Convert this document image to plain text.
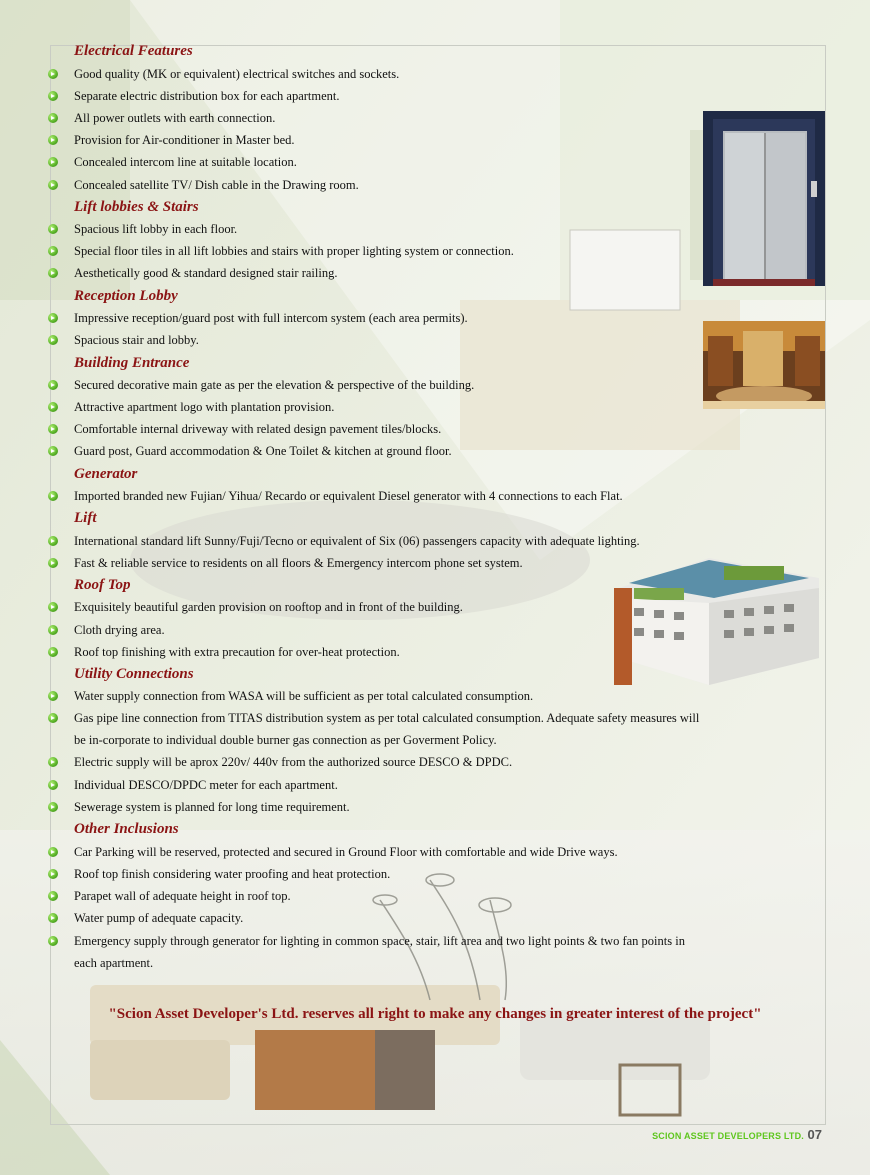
Electrical Features
Good quality (MK or equivalent) electrical switches and sockets.
Separate electric distribution box for each apartment.
All power outlets with earth connection.
Provision for Air-conditioner in Master bed.
Concealed intercom line at suitable location.
Concealed satellite TV/ Dish cable in the Drawing room.
Lift lobbies & Stairs
Spacious lift lobby in each floor.
Special floor tiles in all lift lobbies and stairs with proper lighting system or connection.
Aesthetically good & standard designed stair railing.
Reception Lobby
Impressive reception/guard post with full intercom system (each area permits).
Spacious stair and lobby.
Building Entrance
Secured decorative main gate as per the elevation & perspective of the building.
Attractive apartment logo with plantation provision.
Comfortable internal driveway with related design pavement tiles/blocks.
Guard post, Guard accommodation & One Toilet & kitchen at ground floor.
Generator
Imported branded new Fujian/ Yihua/ Recardo or equivalent Diesel generator with 4 connections to each Flat.
Lift
International standard lift Sunny/Fuji/Tecno or equivalent of Six (06) passengers capacity with adequate lighting.
Fast & reliable service to residents on all floors & Emergency intercom phone set system.
Roof Top
Exquisitely beautiful garden provision on rooftop and in front of the building.
Cloth drying area.
Roof top finishing with extra precaution for over-heat protection.
Utility Connections
Water supply connection from WASA will be sufficient as per total calculated consumption.
Gas pipe line connection from TITAS distribution system as per total calculated consumption. Adequate safety measures will
be in-corporate to individual double burner gas connection as per Goverment Policy.
Electric supply will be aprox 220v/ 440v from the authorized source DESCO & DPDC.
Individual DESCO/DPDC meter for each apartment.
Sewerage system is planned for long time requirement.
Other Inclusions
Car Parking will be reserved, protected and secured in Ground Floor with comfortable and wide Drive ways.
Roof top finish considering water proofing and heat protection.
Parapet wall of adequate height in roof top.
Water pump of adequate capacity.
Emergency supply through generator for lighting in common space, stair, lift area and two light points & two fan points in
each apartment.
"Scion Asset Developer's Ltd. reserves all right to make any changes in greater interest of the project"
SCION ASSET DEVELOPERS LTD. 07
